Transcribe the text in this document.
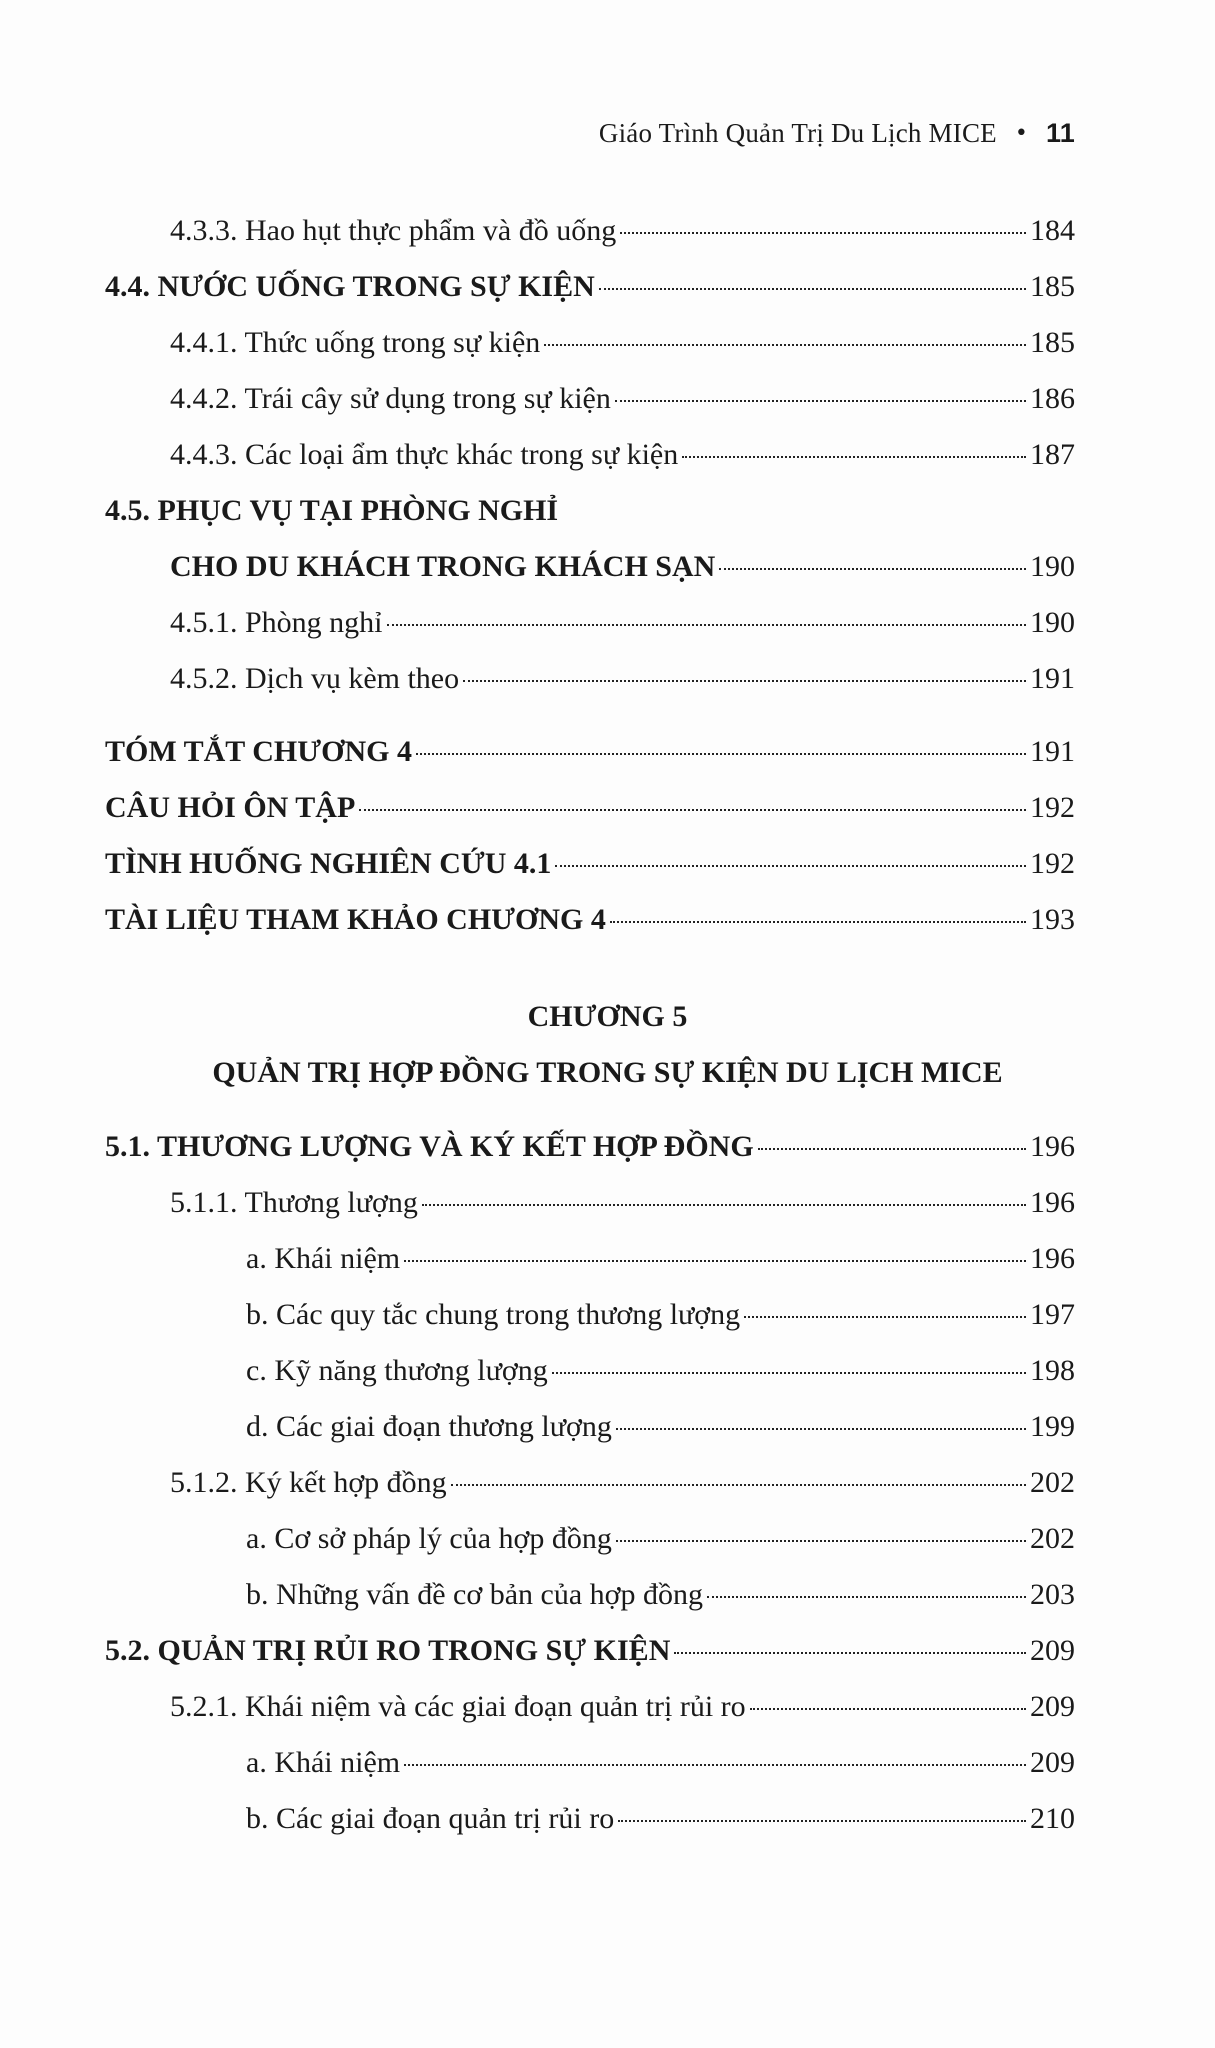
Giáo Trình Quản Trị Du Lịch MICE • 11
4.3.3. Hao hụt thực phẩm và đồ uống	184
4.4. NƯỚC UỐNG TRONG SỰ KIỆN	185
4.4.1. Thức uống trong sự kiện	185
4.4.2. Trái cây sử dụng trong sự kiện	186
4.4.3. Các loại ẩm thực khác trong sự kiện	187
4.5. PHỤC VỤ TẠI PHÒNG NGHỈ
CHO DU KHÁCH TRONG KHÁCH SẠN	190
4.5.1. Phòng nghỉ	190
4.5.2. Dịch vụ kèm theo	191
TÓM TẮT CHƯƠNG 4	191
CÂU HỎI ÔN TẬP	192
TÌNH HUỐNG NGHIÊN CỨU 4.1	192
TÀI LIỆU THAM KHẢO CHƯƠNG 4	193
CHƯƠNG 5
QUẢN TRỊ HỢP ĐỒNG TRONG SỰ KIỆN DU LỊCH MICE
5.1. THƯƠNG LƯỢNG VÀ KÝ KẾT HỢP ĐỒNG	196
5.1.1. Thương lượng	196
a. Khái niệm	196
b. Các quy tắc chung trong thương lượng	197
c. Kỹ năng thương lượng	198
d. Các giai đoạn thương lượng	199
5.1.2. Ký kết hợp đồng	202
a. Cơ sở pháp lý của hợp đồng	202
b. Những vấn đề cơ bản của hợp đồng	203
5.2. QUẢN TRỊ RỦI RO TRONG SỰ KIỆN	209
5.2.1. Khái niệm và các giai đoạn quản trị rủi ro	209
a. Khái niệm	209
b. Các giai đoạn quản trị rủi ro	210
